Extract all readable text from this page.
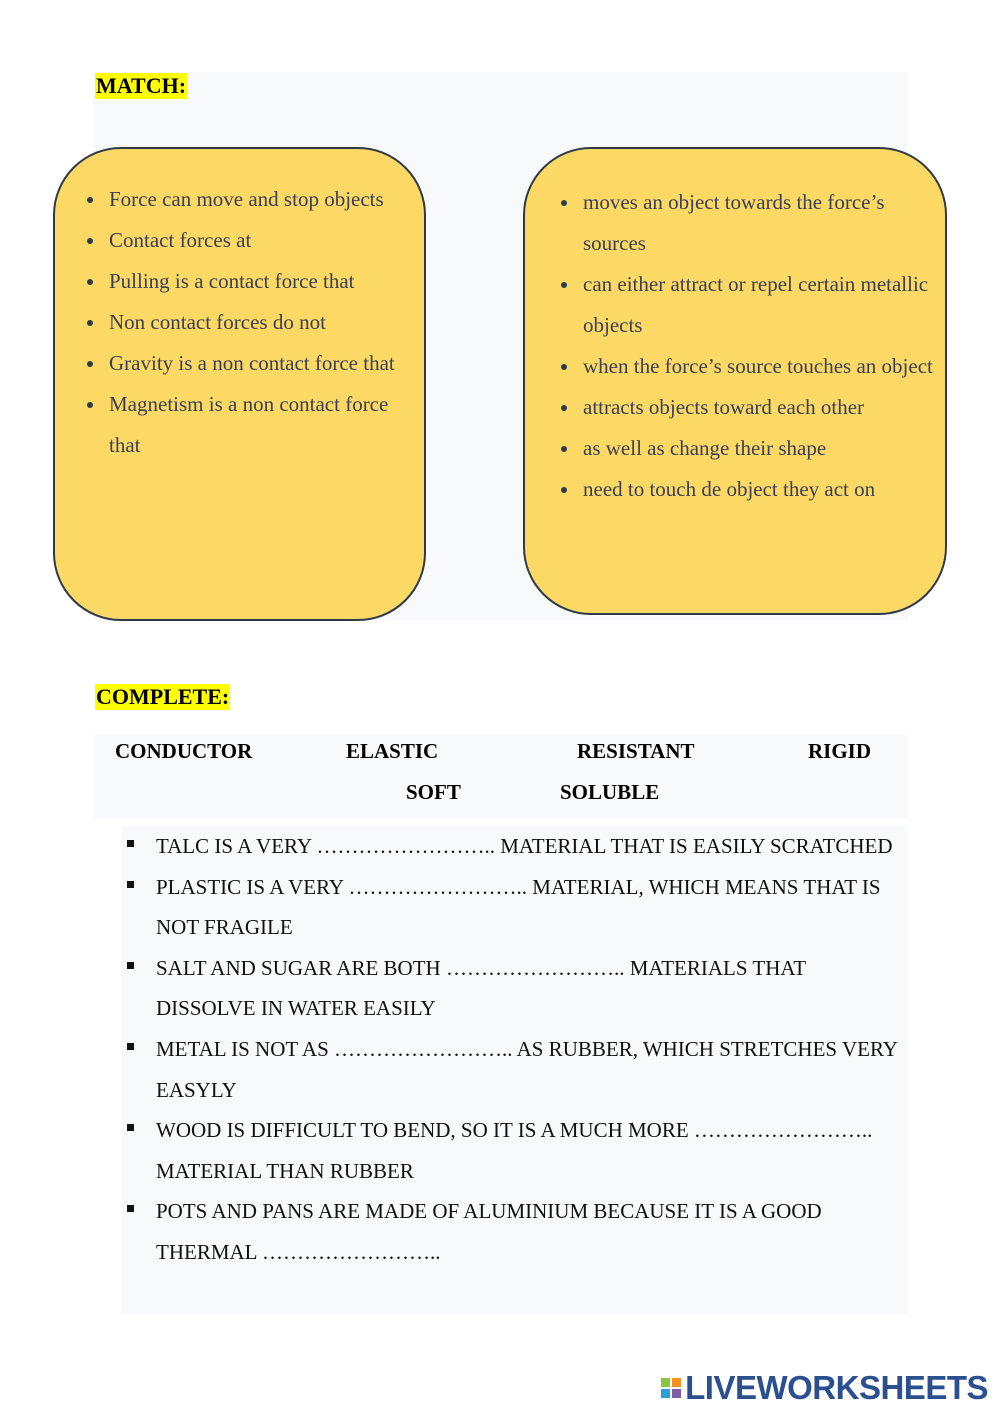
MATCH:
Force can move and stop objects
Contact forces at
Pulling is a contact force that
Non contact forces do not
Gravity is a non contact force that
Magnetism is a non contact force that
moves an object towards the force’s sources
can either attract or repel certain metallic objects
when the force’s source touches an object
attracts objects toward each other
as well as change their shape
need to touch de object they act on
COMPLETE:
CONDUCTOR	ELASTIC	RESISTANT	RIGID
SOFT	SOLUBLE
TALC IS A VERY …………………….. MATERIAL THAT IS EASILY SCRATCHED
PLASTIC IS A VERY …………………….. MATERIAL, WHICH MEANS THAT IS NOT FRAGILE
SALT AND SUGAR ARE BOTH …………………….. MATERIALS THAT DISSOLVE IN WATER EASILY
METAL IS NOT AS …………………….. AS RUBBER, WHICH STRETCHES VERY EASYLY
WOOD IS DIFFICULT TO BEND, SO IT IS A MUCH MORE …………………….. MATERIAL THAN RUBBER
POTS AND PANS ARE MADE OF ALUMINIUM BECAUSE IT IS A GOOD THERMAL ……………………..
LIVEWORKSHEETS
